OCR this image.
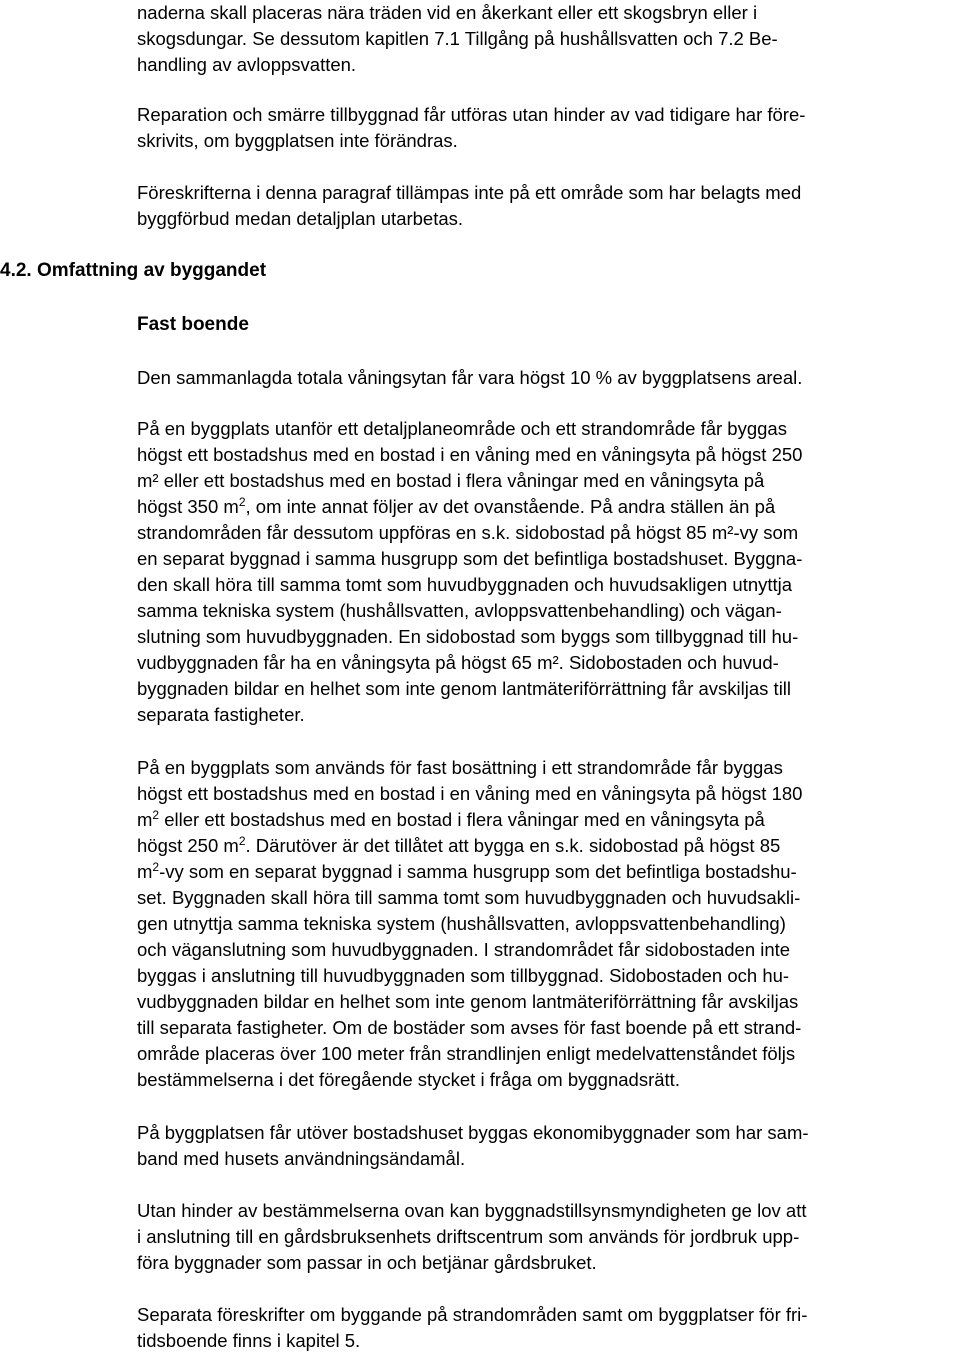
naderna skall placeras nära träden vid en åkerkant eller ett skogsbryn eller i
skogsdungar. Se dessutom kapitlen 7.1 Tillgång på hushållsvatten och 7.2 Be-
handling av avloppsvatten.

Reparation och smärre tillbyggnad får utföras utan hinder av vad tidigare har före-
skrivits, om byggplatsen inte förändras.

Föreskrifterna i denna paragraf tillämpas inte på ett område som har belagts med
byggförbud medan detaljplan utarbetas.

4.2. Omfattning av byggandet
Fast boende

Den sammanlagda totala våningsytan får vara högst 10 % av byggplatsens areal.

På en byggplats utanför ett detaljplaneområde och ett strandområde får byggas
högst ett bostadshus med en bostad i en våning med en våningsyta på högst 250
m² eller ett bostadshus med en bostad i flera våningar med en våningsyta på
högst 350 $m^2$, om inte annat följer av det ovanstående. På andra ställen än på
strandområden får dessutom uppföras en s.k. sidobostad på högst 85 m²-vy som
en separat byggnad i samma husgrupp som det befintliga bostadshuset. Byggna-
den skall höra till samma tomt som huvudbyggnaden och huvudsakligen utnyttja
samma tekniska system (hushållsvatten, avloppsvattenbehandling) och vägan-
slutning som huvudbyggnaden. En sidobostad som byggs som tillbyggnad till hu-
vudbyggnaden får ha en våningsyta på högst 65 m². Sidobostaden och huvud-
byggnaden bildar en helhet som inte genom lantmäteriförrättning får avskiljas till
separata fastigheter.

På en byggplats som används för fast bosättning i ett strandområde får byggas
högst ett bostadshus med en bostad i en våning med en våningsyta på högst 180
$m^2$ eller ett bostadshus med en bostad i flera våningar med en våningsyta på
högst 250 $m^2$. Därutöver är det tillåtet att bygga en s.k. sidobostad på högst 85
$m^2-vy$ som en separat byggnad i samma husgrupp som det befintliga bostadshu-
set. Byggnaden skall höra till samma tomt som huvudbyggnaden och huvudsakli-
gen utnyttja samma tekniska system (hushållsvatten, avloppsvattenbehandling)
och väganslutning som huvudbyggnaden. I strandområdet får sidobostaden inte
byggas i anslutning till huvudbyggnaden som tillbyggnad. Sidobostaden och hu-
vudbyggnaden bildar en helhet som inte genom lantmäteriförrättning får avskiljas
till separata fastigheter. Om de bostäder som avses för fast boende på ett strand-
område placeras över 100 meter från strandlinjen enligt medelvattenståndet följs
bestämmelserna i det föregående stycket i fråga om byggnadsrätt.

På byggplatsen får utöver bostadshuset byggas ekonomibyggnader som har sam-
band med husets användningsändamål.

Utan hinder av bestämmelserna ovan kan byggnadstillsynsmyndigheten ge lov att
i anslutning till en gårdsbruksenhets driftscentrum som används för jordbruk upp-
föra byggnader som passar in och betjänar gårdsbruket.

Separata föreskrifter om byggande på strandområden samt om byggplatser för fri-
tidsboende finns i kapitel 5.
